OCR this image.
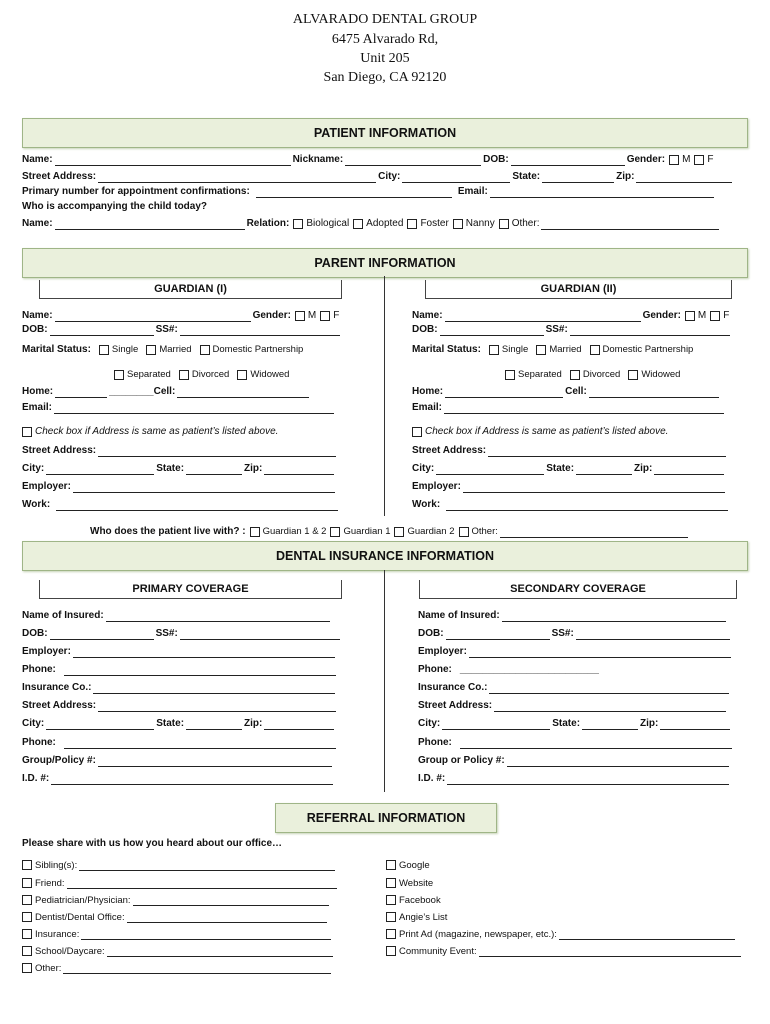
ALVARADO DENTAL GROUP
6475 Alvarado Rd,
Unit 205
San Diego, CA 92120
PATIENT INFORMATION
Name:	Nickname:	DOB:	Gender: M F
Street Address:	City:	State:	Zip:
Primary number for appointment confirmations:	Email:
Who is accompanying the child today?
Name:	Relation: Biological Adopted Foster Nanny Other:
PARENT INFORMATION
GUARDIAN (I)	GUARDIAN (II)
Name:	Gender: M F
DOB:	SS#:
Marital Status: Single Married Domestic Partnership
Separated Divorced Widowed
Home:	________ Cell:
Email:
Check box if Address is same as patient’s listed above.
Street Address:
City:	State:	Zip:
Employer:
Work:
Name:	Gender: M F
DOB:	SS#:
Marital Status: Single Married Domestic Partnership
Separated Divorced Widowed
Home:	Cell:
Email:
Check box if Address is same as patient’s listed above.
Street Address:
City:	State:	Zip:
Employer:
Work:
Who does the patient live with? : Guardian 1 & 2 Guardian 1 Guardian 2 Other:
DENTAL INSURANCE INFORMATION
PRIMARY COVERAGE	SECONDARY COVERAGE
Name of Insured:
DOB:	SS#:
Employer:
Phone:
Insurance Co.:
Street Address:
City:	State:	Zip:
Phone:
Group/Policy #:
I.D. #:
Name of Insured:
DOB:	SS#:
Employer:
Phone: _________________________
Insurance Co.:
Street Address:
City:	State:	Zip:
Phone:
Group or Policy #:
I.D. #:
REFERRAL INFORMATION
Please share with us how you heard about our office…
Sibling(s):
Friend:
Pediatrician/Physician:
Dentist/Dental Office:
Insurance:
School/Daycare:
Other:
Google
Website
Facebook
Angie’s List
Print Ad (magazine, newspaper, etc.):
Community Event:
